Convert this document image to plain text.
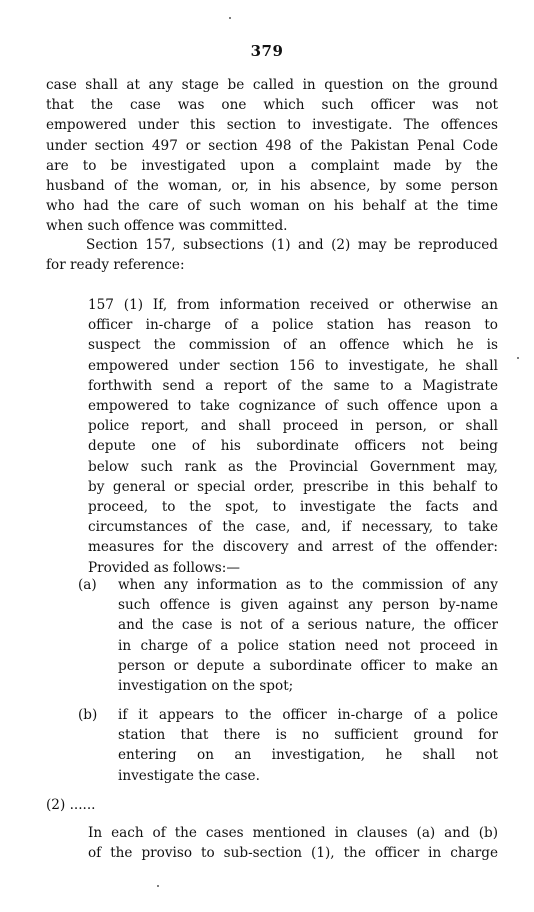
379
case shall at any stage be called in question on the ground
that the case was one which such officer was not
empowered under this section to investigate. The offences
under section 497 or section 498 of the Pakistan Penal Code
are to be investigated upon a complaint made by the
husband of the woman, or, in his absence, by some person
who had the care of such woman on his behalf at the time
when such offence was committed.
Section 157, subsections (1) and (2) may be reproduced
for ready reference:
157 (1) If, from information received or otherwise an
officer in-charge of a police station has reason to
suspect the commission of an offence which he is
empowered under section 156 to investigate, he shall
forthwith send a report of the same to a Magistrate
empowered to take cognizance of such offence upon a
police report, and shall proceed in person, or shall
depute one of his subordinate officers not being
below such rank as the Provincial Government may,
by general or special order, prescribe in this behalf to
proceed, to the spot, to investigate the facts and
circumstances of the case, and, if necessary, to take
measures for the discovery and arrest of the offender:
Provided as follows:—
(a)	when any information as to the commission of any
such offence is given against any person by-name
and the case is not of a serious nature, the officer
in charge of a police station need not proceed in
person or depute a subordinate officer to make an
investigation on the spot;
(b)	if it appears to the officer in-charge of a police
station that there is no sufficient ground for
entering on an investigation, he shall not
investigate the case.
(2) ......
In each of the cases mentioned in clauses (a) and (b)
of the proviso to sub-section (1), the officer in charge
